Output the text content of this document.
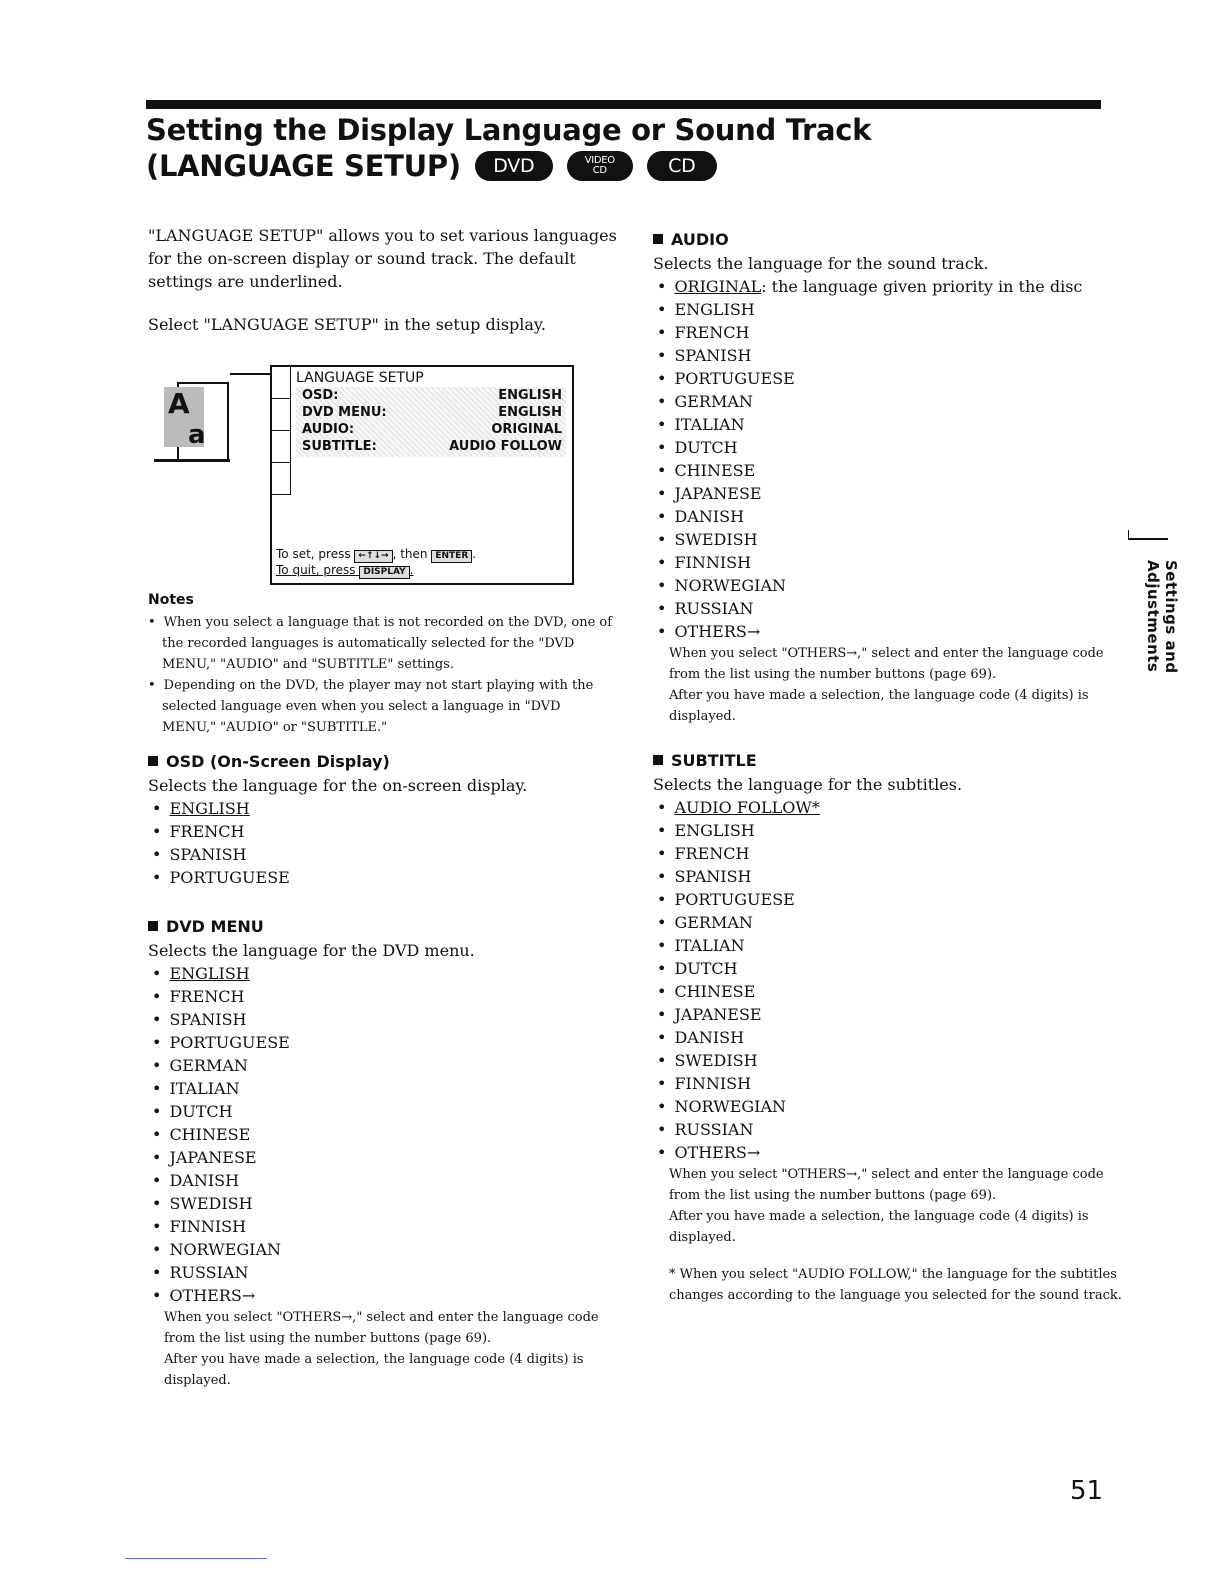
Setting the Display Language or Sound Track
(LANGUAGE SETUP)	DVD	VIDEO
CD	CD

"LANGUAGE SETUP" allows you to set various languages for the on-screen display or sound track. The default settings are underlined.

Select "LANGUAGE SETUP" in the setup display.

Notes
• When you select a language that is not recorded on the DVD, one of the recorded languages is automatically selected for the "DVD MENU," "AUDIO" and "SUBTITLE" settings.
• Depending on the DVD, the player may not start playing with the selected language even when you select a language in "DVD MENU," "AUDIO" or "SUBTITLE."
OSD (On-Screen Display)

Selects the language for the on-screen display.

• ENGLISH
• FRENCH
• SPANISH
• PORTUGUESE
DVD MENU

Selects the language for the DVD menu.

• ENGLISH
• FRENCH
• SPANISH
• PORTUGUESE
• GERMAN
• ITALIAN
• DUTCH
• CHINESE
• JAPANESE
• DANISH
• SWEDISH
• FINNISH
• NORWEGIAN
• RUSSIAN
• OTHERS→

When you select "OTHERS→," select and enter the language code from the list using the number buttons (page 69).

After you have made a selection, the language code (4 digits) is displayed.

A
a
LANGUAGE SETUP
OSD:	ENGLISH
DVD MENU:	ENGLISH
AUDIO:	ORIGINAL
SUBTITLE:	AUDIO FOLLOW
To set, press ←↑↓→ , then ENTER .
To quit, press DISPLAY .
AUDIO

Selects the language for the sound track.

• ORIGINAL: the language given priority in the disc
• ENGLISH
• FRENCH
• SPANISH
• PORTUGUESE
• GERMAN
• ITALIAN
• DUTCH
• CHINESE
• JAPANESE
• DANISH
• SWEDISH
• FINNISH
• NORWEGIAN
• RUSSIAN
• OTHERS→

When you select "OTHERS→," select and enter the language code from the list using the number buttons (page 69).

After you have made a selection, the language code (4 digits) is displayed.

SUBTITLE

Selects the language for the subtitles.

• AUDIO FOLLOW*
• ENGLISH
• FRENCH
• SPANISH
• PORTUGUESE
• GERMAN
• ITALIAN
• DUTCH
• CHINESE
• JAPANESE
• DANISH
• SWEDISH
• FINNISH
• NORWEGIAN
• RUSSIAN
• OTHERS→

When you select "OTHERS→," select and enter the language code from the list using the number buttons (page 69).

After you have made a selection, the language code (4 digits) is displayed.

* When you select "AUDIO FOLLOW," the language for the subtitles changes according to the language you selected for the sound track.

Settings and Adjustments
51
